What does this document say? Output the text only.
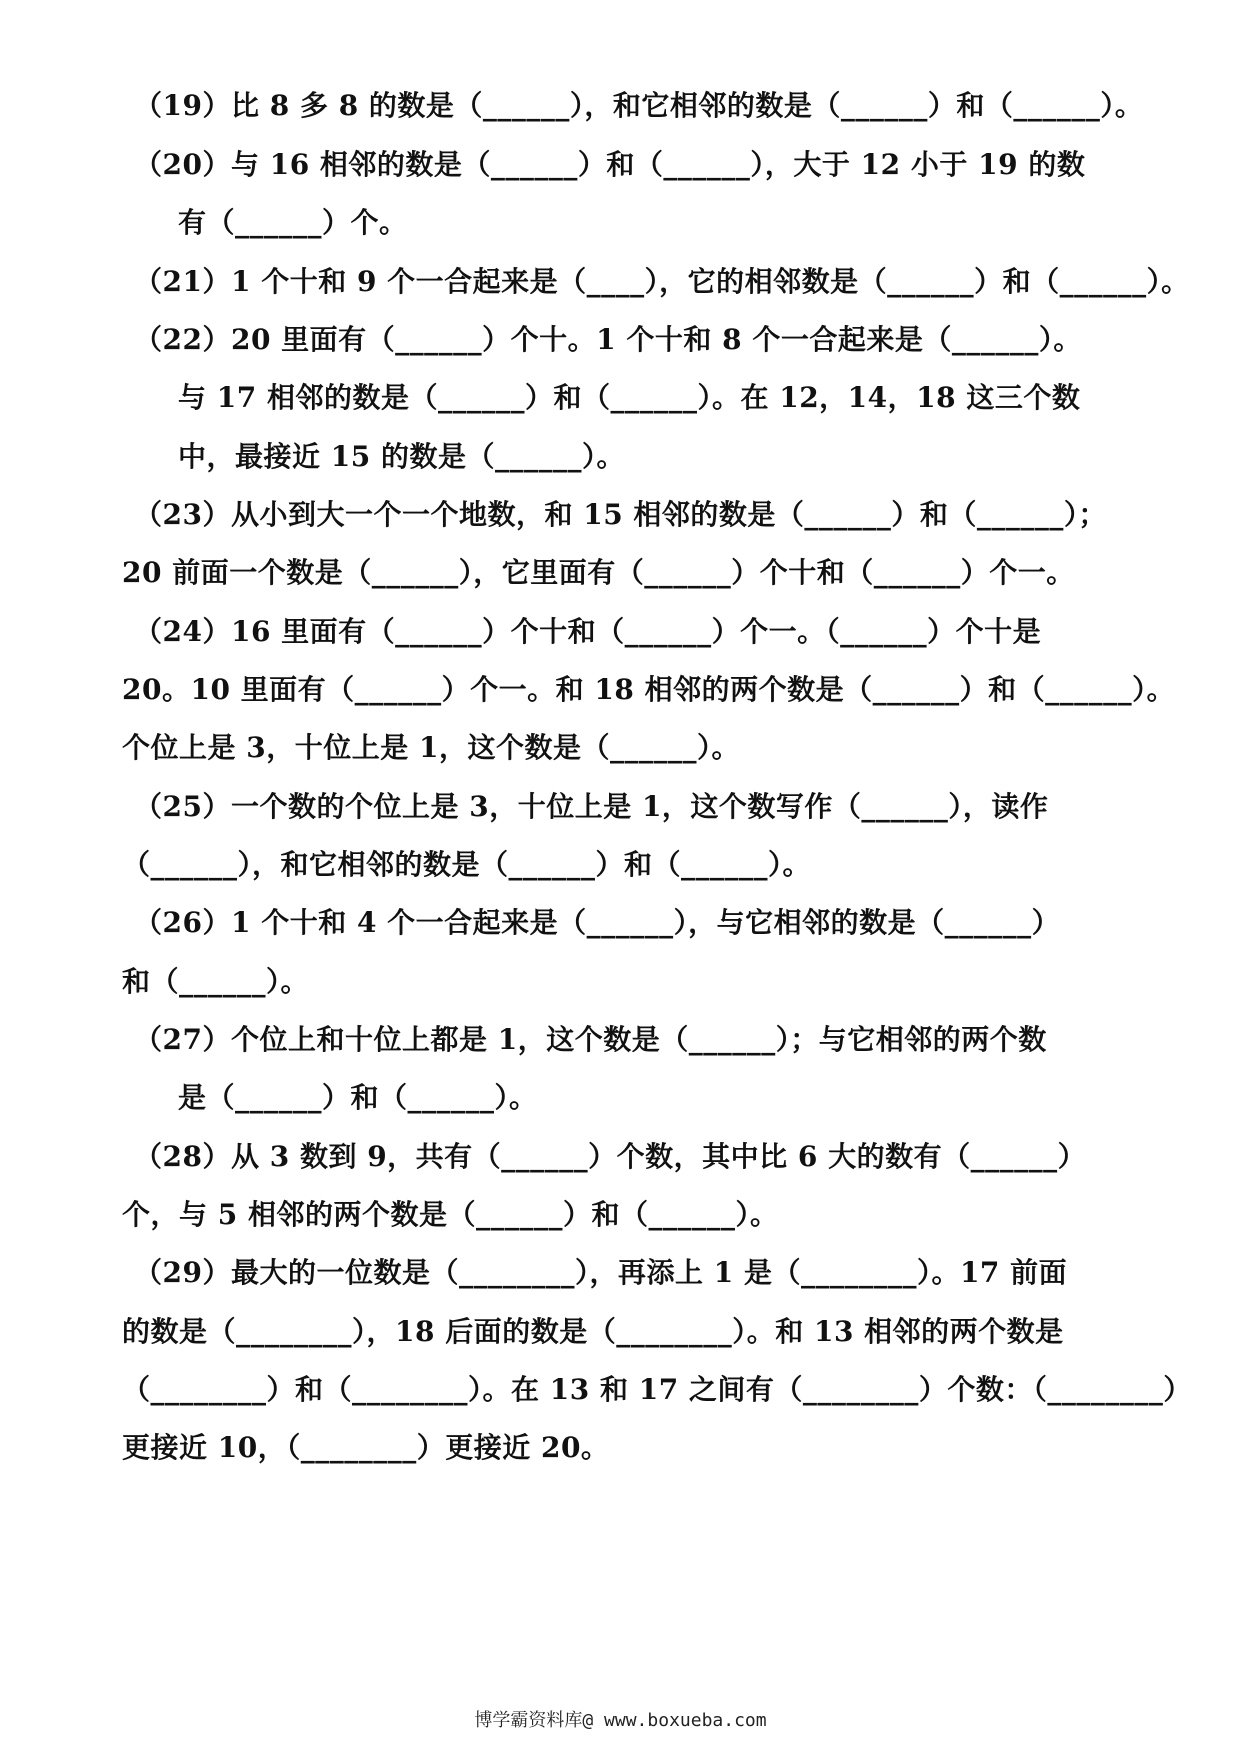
（19）比 8 多 8 的数是（______），和它相邻的数是（______）和（______）。
（20）与 16 相邻的数是（______）和（______），大于 12 小于 19 的数
有（______）个。
（21）1 个十和 9 个一合起来是（____），它的相邻数是（______）和（______）。
（22）20 里面有（______）个十。1 个十和 8 个一合起来是（______）。
与 17 相邻的数是（______）和（______）。在 12，14，18 这三个数
中，最接近 15 的数是（______）。
（23）从小到大一个一个地数，和 15 相邻的数是（______）和（______）；
20 前面一个数是（______），它里面有（______）个十和（______）个一。
（24）16 里面有（______）个十和（______）个一。（______）个十是
20。10 里面有（______）个一。和 18 相邻的两个数是（______）和（______）。
个位上是 3，十位上是 1，这个数是（______）。
（25）一个数的个位上是 3，十位上是 1，这个数写作（______），读作
（______），和它相邻的数是（______）和（______）。
（26）1 个十和 4 个一合起来是（______），与它相邻的数是（______）
和（______）。
（27）个位上和十位上都是 1，这个数是（______）；与它相邻的两个数
是（______）和（______）。
（28）从 3 数到 9，共有（______）个数，其中比 6 大的数有（______）
个，与 5 相邻的两个数是（______）和（______）。
（29）最大的一位数是（________），再添上 1 是（________）。17 前面
的数是（________），18 后面的数是（________）。和 13 相邻的两个数是
（________）和（________）。在 13 和 17 之间有（________）个数：（________）
更接近 10，（________）更接近 20。
博学霸资料库@ www.boxueba.com
